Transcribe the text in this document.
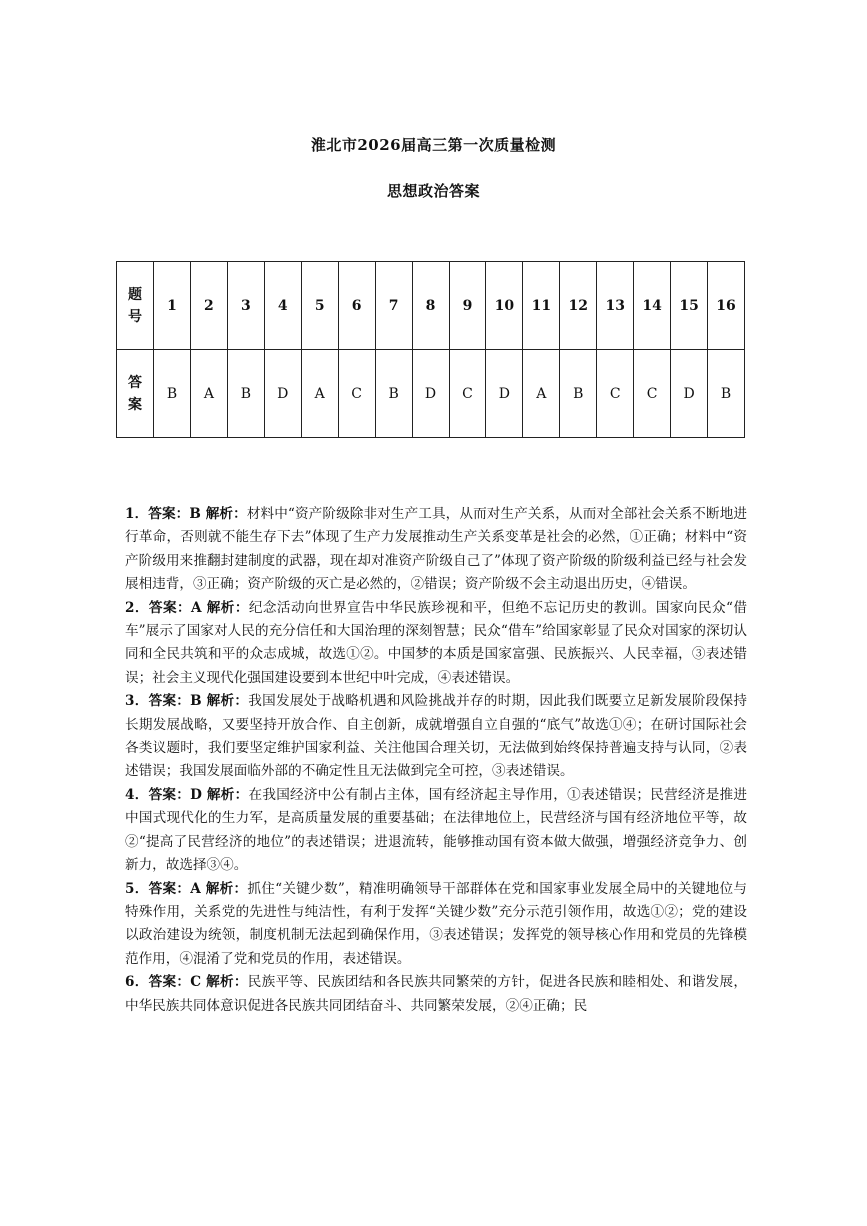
淮北市2026届高三第一次质量检测
思想政治答案
题
号	1	2	3	4	5	6	7	8	9	10	11	12	13	14	15	16
答
案	B	A	B	D	A	C	B	D	C	D	A	B	C	C	D	B

1．答案：B 解析：材料中“资产阶级除非对生产工具，从而对生产关系，从而对全部社会关系不断地进行革命，否则就不能生存下去”体现了生产力发展推动生产关系变革是社会的必然，①正确；材料中“资产阶级用来推翻封建制度的武器，现在却对准资产阶级自己了”体现了资产阶级的阶级利益已经与社会发展相违背，③正确；资产阶级的灭亡是必然的，②错误；资产阶级不会主动退出历史，④错误。

2．答案：A 解析：纪念活动向世界宣告中华民族珍视和平，但绝不忘记历史的教训。国家向民众“借车”展示了国家对人民的充分信任和大国治理的深刻智慧；民众“借车”给国家彰显了民众对国家的深切认同和全民共筑和平的众志成城，故选①②。中国梦的本质是国家富强、民族振兴、人民幸福，③表述错误；社会主义现代化强国建设要到本世纪中叶完成，④表述错误。

3．答案：B 解析：我国发展处于战略机遇和风险挑战并存的时期，因此我们既要立足新发展阶段保持长期发展战略，又要坚持开放合作、自主创新，成就增强自立自强的“底气”故选①④；在研讨国际社会各类议题时，我们要坚定维护国家利益、关注他国合理关切，无法做到始终保持普遍支持与认同，②表述错误；我国发展面临外部的不确定性且无法做到完全可控，③表述错误。

4．答案：D 解析：在我国经济中公有制占主体，国有经济起主导作用，①表述错误；民营经济是推进中国式现代化的生力军，是高质量发展的重要基础；在法律地位上，民营经济与国有经济地位平等，故②“提高了民营经济的地位”的表述错误；进退流转，能够推动国有资本做大做强，增强经济竞争力、创新力，故选择③④。

5．答案：A 解析：抓住“关键少数”，精准明确领导干部群体在党和国家事业发展全局中的关键地位与特殊作用，关系党的先进性与纯洁性，有利于发挥“关键少数”充分示范引领作用，故选①②；党的建设以政治建设为统领，制度机制无法起到确保作用，③表述错误；发挥党的领导核心作用和党员的先锋模范作用，④混淆了党和党员的作用，表述错误。

6．答案：C 解析：民族平等、民族团结和各民族共同繁荣的方针，促进各民族和睦相处、和谐发展，中华民族共同体意识促进各民族共同团结奋斗、共同繁荣发展，②④正确；民
